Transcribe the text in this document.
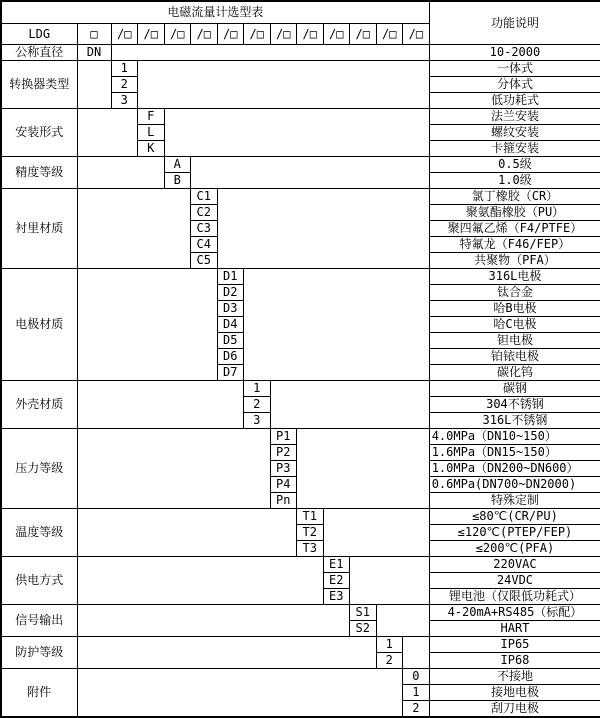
电磁流量计选型表														功能说明
LDG	□	/□	/□	/□	/□	/□	/□	/□	/□	/□	/□	/□	/□	
公称直径	DN													10-2000
转换器类型		1												一体式
		2												分体式
		3												低功耗式
安装形式			F											法兰安装
			L											螺纹安装
			K											卡箍安装
精度等级				A										0.5级
				B										1.0级
衬里材质					C1									氯丁橡胶（CR）
					C2									聚氨酯橡胶（PU）
					C3									聚四氟乙烯（F4/PTFE）
					C4									特氟龙（F46/FEP）
					C5									共聚物（PFA）
电极材质						D1								316L电极
						D2								钛合金
						D3								哈B电极
						D4								哈C电极
						D5								钽电极
						D6								铂铱电极
						D7								碳化钨
外壳材质							1							碳钢
							2							304不锈钢
							3							316L不锈钢
压力等级								P1						4.0MPa（DN10~150）
								P2						1.6MPa（DN15~150）
								P3						1.0MPa（DN200~DN600）
								P4						0.6MPa(DN700~DN2000)
								Pn						特殊定制
温度等级									T1					≤80℃(CR/PU)
									T2					≤120℃(PTEP/FEP)
									T3					≤200℃(PFA)
供电方式										E1				220VAC
										E2				24VDC
										E3				锂电池（仅限低功耗式）
信号输出											S1			4-20mA+RS485（标配）
											S2			HART
防护等级												1		IP65
												2		IP68
附件													0	不接地
													1	接地电极
													2	刮刀电极
